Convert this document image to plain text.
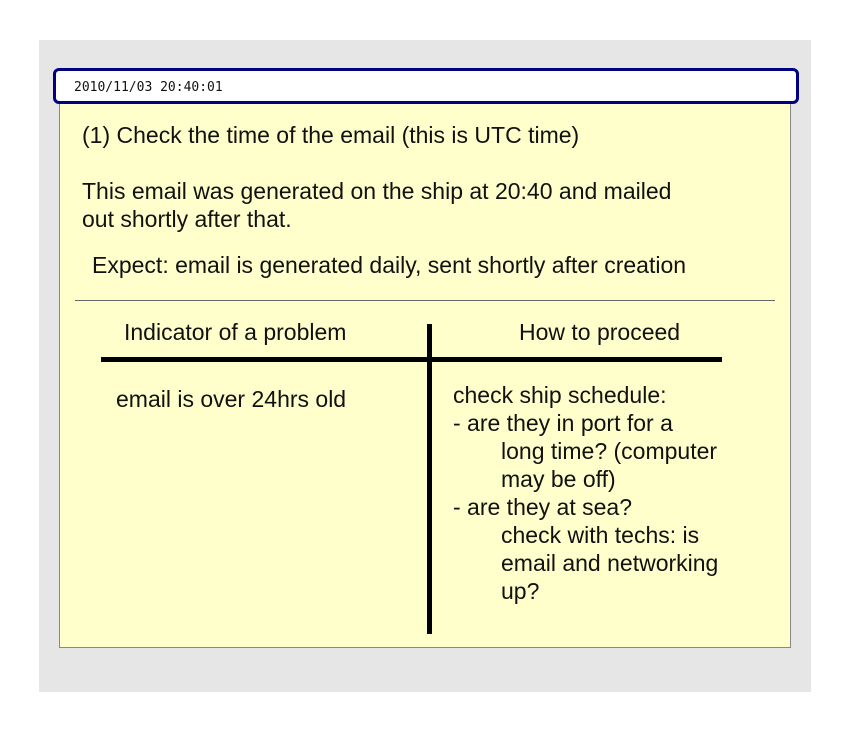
2010/11/03 20:40:01
(1) Check the time of the email (this is UTC time)
This email was generated on the ship at 20:40 and mailed
out shortly after that.
Expect: email is generated daily, sent shortly after creation
Indicator of a problem	How to proceed
email is over 24hrs old	check ship schedule:
- are they in port for a
long time? (computer
may be off)
- are they at sea?
check with techs: is
email and networking
up?
